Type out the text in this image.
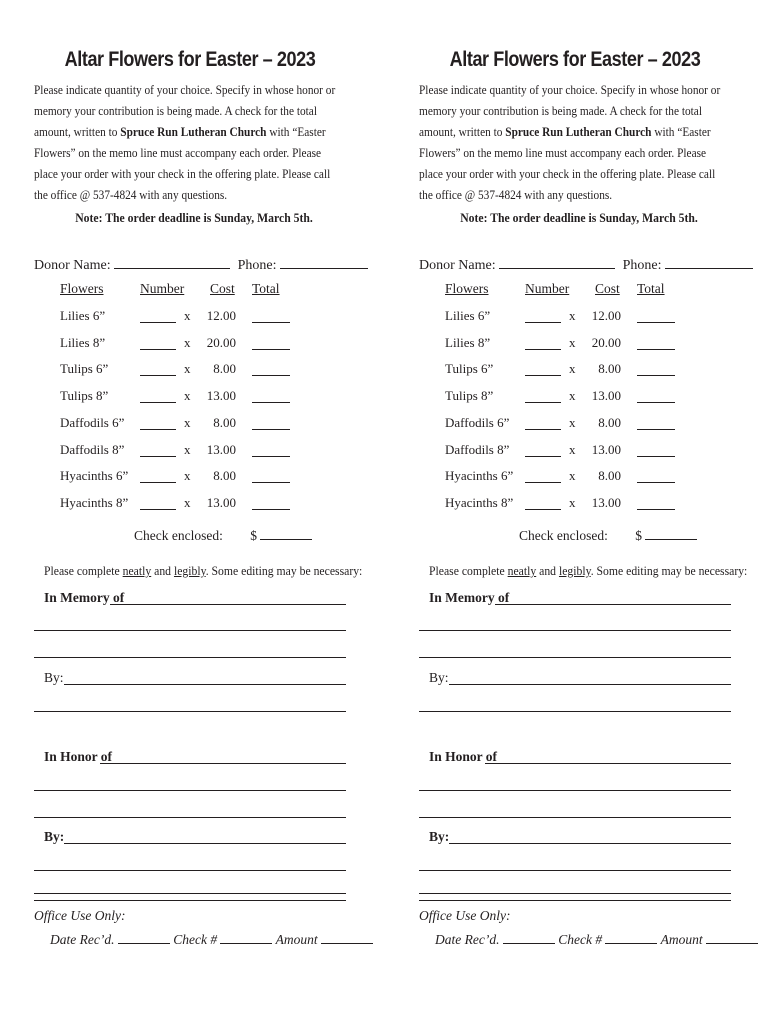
Altar Flowers for Easter – 2023

Please indicate quantity of your choice. Specify in whose honor or memory your contribution is being made. A check for the total amount, written to Spruce Run Lutheran Church with “Easter Flowers” on the memo line must accompany each order. Please place your order with your check in the offering plate. Please call the office @ 537-4824 with any questions.

Note: The order deadline is Sunday, March 5th.
Donor Name:	Phone:
Flowers	Number Cost Total
Lilies 6”	x 12.00
Lilies 8”	x 20.00
Tulips 6”	x	8.00
Tulips 8”	x 13.00
Daffodils 6”	x	8.00
Daffodils 8”	x 13.00
Hyacinths 6”	x	8.00
Hyacinths 8”	x 13.00
Check enclosed: $
Please complete neatly and legibly. Some editing may be necessary:
In Memory of
By:
In Honor of
By:
Office Use Only:
Date Rec’d.	Check #	Amount
Altar Flowers for Easter – 2023

Please indicate quantity of your choice. Specify in whose honor or memory your contribution is being made. A check for the total amount, written to Spruce Run Lutheran Church with “Easter Flowers” on the memo line must accompany each order. Please place your order with your check in the offering plate. Please call the office @ 537-4824 with any questions.

Note: The order deadline is Sunday, March 5th.
Donor Name:	Phone:
Flowers	Number Cost Total
Lilies 6”	x 12.00
Lilies 8”	x 20.00
Tulips 6”	x	8.00
Tulips 8”	x 13.00
Daffodils 6”	x	8.00
Daffodils 8”	x 13.00
Hyacinths 6”	x	8.00
Hyacinths 8”	x 13.00
Check enclosed: $
Please complete neatly and legibly. Some editing may be necessary:
In Memory of
By:
In Honor of
By:
Office Use Only:
Date Rec’d.	Check #	Amount
